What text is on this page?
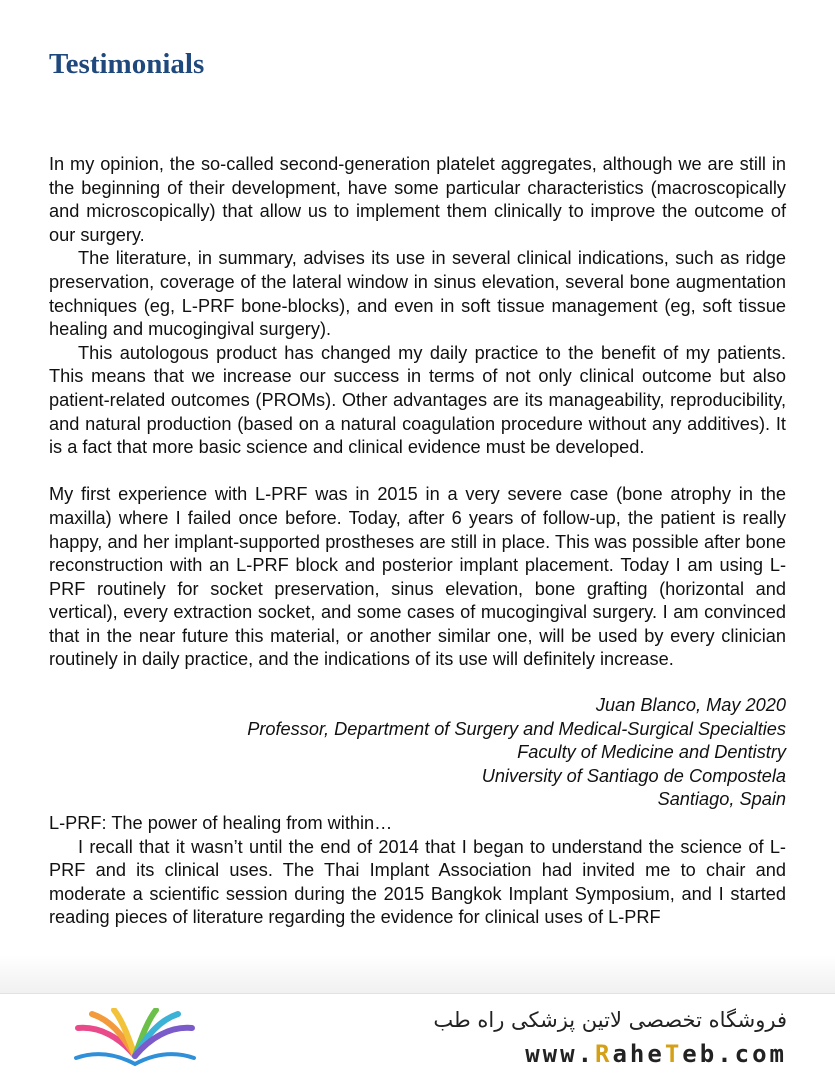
Testimonials

In my opinion, the so-called second-generation platelet aggregates, although we are still in the beginning of their development, have some particular characteristics (macroscopically and microscopically) that allow us to implement them clinically to improve the outcome of our surgery.

The literature, in summary, advises its use in several clinical indications, such as ridge preservation, coverage of the lateral window in sinus elevation, several bone augmentation techniques (eg, L-PRF bone-blocks), and even in soft tissue management (eg, soft tissue healing and mucogingival surgery).

This autologous product has changed my daily practice to the benefit of my patients. This means that we increase our success in terms of not only clinical outcome but also patient-related outcomes (PROMs). Other advantages are its manageability, reproducibility, and natural production (based on a natural coagulation procedure without any additives). It is a fact that more basic science and clinical evidence must be developed.

My first experience with L-PRF was in 2015 in a very severe case (bone atrophy in the maxilla) where I failed once before. Today, after 6 years of follow-up, the patient is really happy, and her implant-supported prostheses are still in place. This was possible after bone reconstruction with an L-PRF block and posterior implant placement. Today I am using L-PRF routinely for socket preservation, sinus elevation, bone grafting (horizontal and vertical), every extraction socket, and some cases of mucogingival surgery. I am convinced that in the near future this material, or another similar one, will be used by every clinician routinely in daily practice, and the indications of its use will definitely increase.

Juan Blanco, May 2020
Professor, Department of Surgery and Medical-Surgical Specialties
Faculty of Medicine and Dentistry
University of Santiago de Compostela
Santiago, Spain

L-PRF: The power of healing from within…

I recall that it wasn’t until the end of 2014 that I began to understand the science of L-PRF and its clinical uses. The Thai Implant Association had invited me to chair and moderate a scientific session during the 2015 Bangkok Implant Symposium, and I started reading pieces of literature regarding the evidence for clinical uses of L-PRF

فروشگاه تخصصی لاتین پزشکی راه طب
www.RaheTeb.com
